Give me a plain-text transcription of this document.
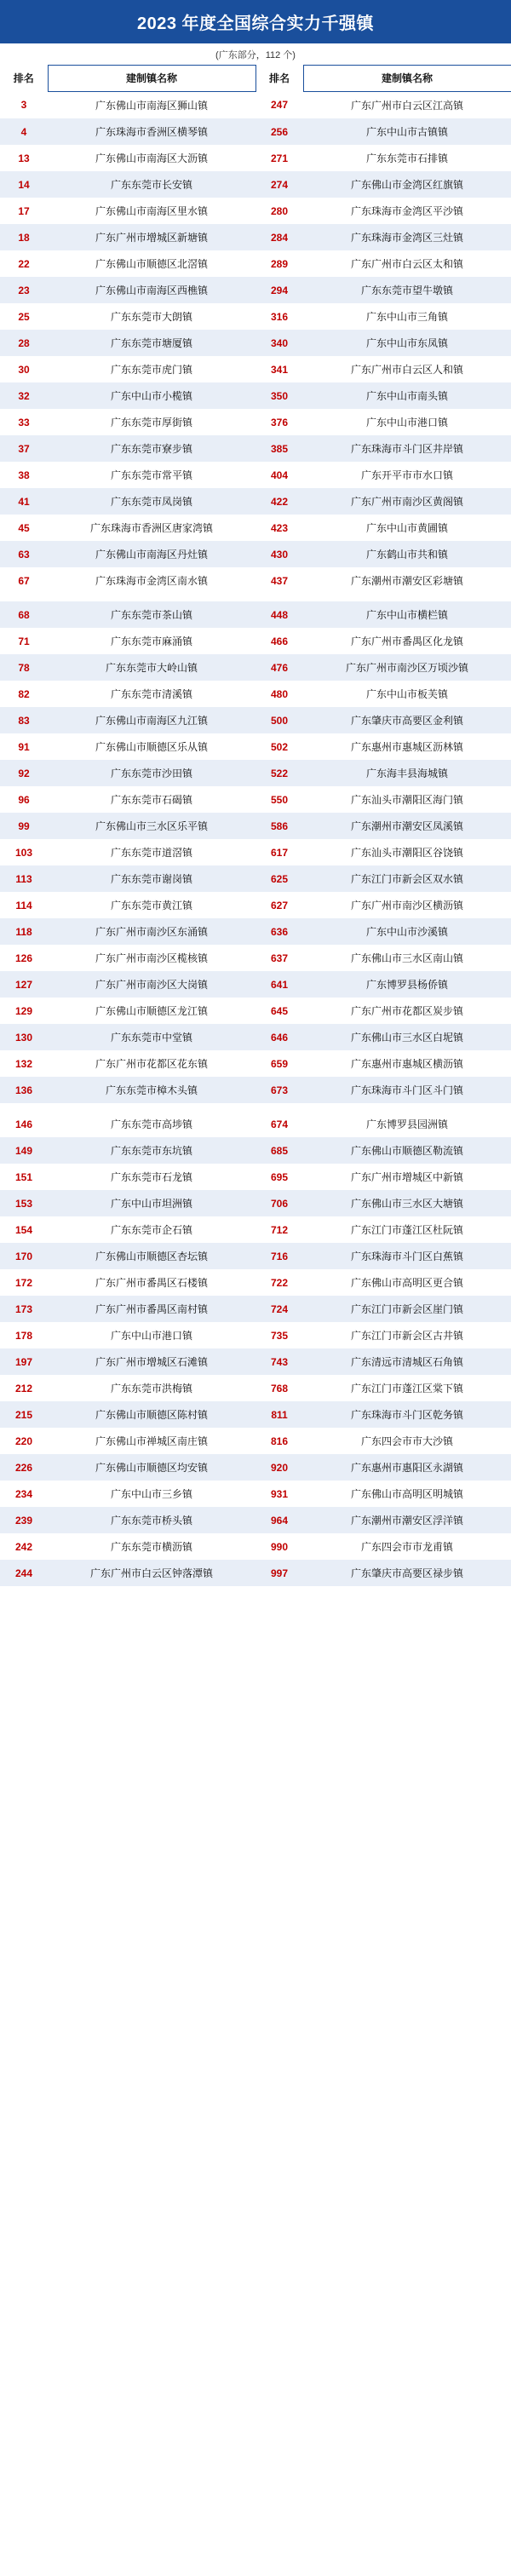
2023 年度全国综合实力千强镇
(广东部分，112 个)
排名	建制镇名称	排名	建制镇名称
3	广东佛山市南海区狮山镇	247	广东广州市白云区江高镇
4	广东珠海市香洲区横琴镇	256	广东中山市古镇镇
13	广东佛山市南海区大沥镇	271	广东东莞市石排镇
14	广东东莞市长安镇	274	广东佛山市金湾区红旗镇
17	广东佛山市南海区里水镇	280	广东珠海市金湾区平沙镇
18	广东广州市增城区新塘镇	284	广东珠海市金湾区三灶镇
22	广东佛山市顺德区北滘镇	289	广东广州市白云区太和镇
23	广东佛山市南海区西樵镇	294	广东东莞市望牛墩镇
25	广东东莞市大朗镇	316	广东中山市三角镇
28	广东东莞市塘厦镇	340	广东中山市东凤镇
30	广东东莞市虎门镇	341	广东广州市白云区人和镇
32	广东中山市小榄镇	350	广东中山市南头镇
33	广东东莞市厚街镇	376	广东中山市港口镇
37	广东东莞市寮步镇	385	广东珠海市斗门区井岸镇
38	广东东莞市常平镇	404	广东开平市市水口镇
41	广东东莞市凤岗镇	422	广东广州市南沙区黄阁镇
45	广东珠海市香洲区唐家湾镇	423	广东中山市黄圃镇
63	广东佛山市南海区丹灶镇	430	广东鹤山市共和镇
67	广东珠海市金湾区南水镇	437	广东潮州市潮安区彩塘镇

68	广东东莞市茶山镇	448	广东中山市横栏镇
71	广东东莞市麻涌镇	466	广东广州市番禺区化龙镇
78	广东东莞市大岭山镇	476	广东广州市南沙区万顷沙镇
82	广东东莞市清溪镇	480	广东中山市板芙镇
83	广东佛山市南海区九江镇	500	广东肇庆市高要区金利镇
91	广东佛山市顺德区乐从镇	502	广东惠州市惠城区沥林镇
92	广东东莞市沙田镇	522	广东海丰县海城镇
96	广东东莞市石碣镇	550	广东汕头市潮阳区海门镇
99	广东佛山市三水区乐平镇	586	广东潮州市潮安区凤溪镇
103	广东东莞市道滘镇	617	广东汕头市潮阳区谷饶镇
113	广东东莞市谢岗镇	625	广东江门市新会区双水镇
114	广东东莞市黄江镇	627	广东广州市南沙区横沥镇
118	广东广州市南沙区东涌镇	636	广东中山市沙溪镇
126	广东广州市南沙区榄核镇	637	广东佛山市三水区南山镇
127	广东广州市南沙区大岗镇	641	广东博罗县杨侨镇
129	广东佛山市顺德区龙江镇	645	广东广州市花都区炭步镇
130	广东东莞市中堂镇	646	广东佛山市三水区白坭镇
132	广东广州市花都区花东镇	659	广东惠州市惠城区横沥镇
136	广东东莞市樟木头镇	673	广东珠海市斗门区斗门镇

146	广东东莞市高埗镇	674	广东博罗县园洲镇
149	广东东莞市东坑镇	685	广东佛山市顺德区勒流镇
151	广东东莞市石龙镇	695	广东广州市增城区中新镇
153	广东中山市坦洲镇	706	广东佛山市三水区大塘镇
154	广东东莞市企石镇	712	广东江门市蓬江区杜阮镇
170	广东佛山市顺德区杏坛镇	716	广东珠海市斗门区白蕉镇
172	广东广州市番禺区石楼镇	722	广东佛山市高明区更合镇
173	广东广州市番禺区南村镇	724	广东江门市新会区崖门镇
178	广东中山市港口镇	735	广东江门市新会区古井镇
197	广东广州市增城区石滩镇	743	广东清远市清城区石角镇
212	广东东莞市洪梅镇	768	广东江门市蓬江区棠下镇
215	广东佛山市顺德区陈村镇	811	广东珠海市斗门区乾务镇
220	广东佛山市禅城区南庄镇	816	广东四会市市大沙镇
226	广东佛山市顺德区均安镇	920	广东惠州市惠阳区永湖镇
234	广东中山市三乡镇	931	广东佛山市高明区明城镇
239	广东东莞市桥头镇	964	广东潮州市潮安区浮洋镇
242	广东东莞市横沥镇	990	广东四会市市龙甫镇
244	广东广州市白云区钟落潭镇	997	广东肇庆市高要区禄步镇
